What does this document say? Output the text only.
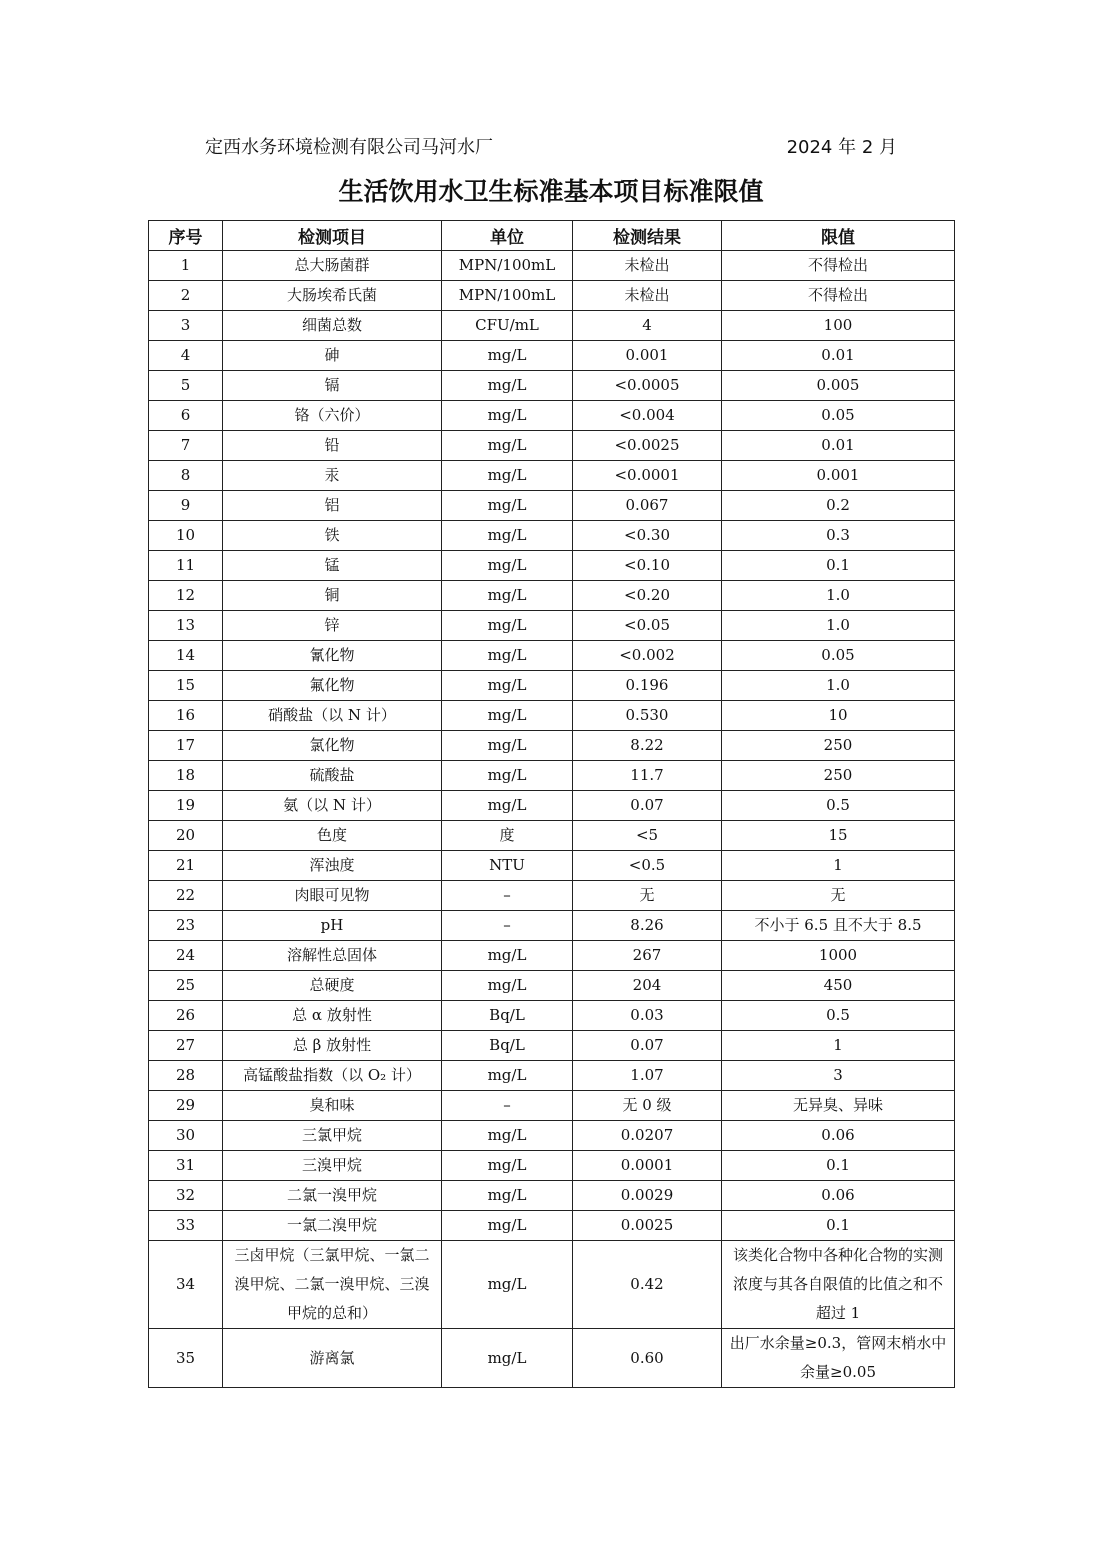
定西水务环境检测有限公司马河水厂	2024 年 2 月
生活饮用水卫生标准基本项目标准限值
序号	检测项目	单位	检测结果	限值
1	总大肠菌群	MPN/100mL	未检出	不得检出
2	大肠埃希氏菌	MPN/100mL	未检出	不得检出
3	细菌总数	CFU/mL	4	100
4	砷	mg/L	0.001	0.01
5	镉	mg/L	<0.0005	0.005
6	铬（六价）	mg/L	<0.004	0.05
7	铅	mg/L	<0.0025	0.01
8	汞	mg/L	<0.0001	0.001
9	铝	mg/L	0.067	0.2
10	铁	mg/L	<0.30	0.3
11	锰	mg/L	<0.10	0.1
12	铜	mg/L	<0.20	1.0
13	锌	mg/L	<0.05	1.0
14	氰化物	mg/L	<0.002	0.05
15	氟化物	mg/L	0.196	1.0
16	硝酸盐（以 N 计）	mg/L	0.530	10
17	氯化物	mg/L	8.22	250
18	硫酸盐	mg/L	11.7	250
19	氨（以 N 计）	mg/L	0.07	0.5
20	色度	度	<5	15
21	浑浊度	NTU	<0.5	1
22	肉眼可见物	–	无	无
23	pH	–	8.26	不小于 6.5 且不大于 8.5
24	溶解性总固体	mg/L	267	1000
25	总硬度	mg/L	204	450
26	总 α 放射性	Bq/L	0.03	0.5
27	总 β 放射性	Bq/L	0.07	1
28	高锰酸盐指数（以 O₂ 计）	mg/L	1.07	3
29	臭和味	–	无 0 级	无异臭、异味
30	三氯甲烷	mg/L	0.0207	0.06
31	三溴甲烷	mg/L	0.0001	0.1
32	二氯一溴甲烷	mg/L	0.0029	0.06
33	一氯二溴甲烷	mg/L	0.0025	0.1
34	三卤甲烷（三氯甲烷、一氯二溴甲烷、二氯一溴甲烷、三溴甲烷的总和）	mg/L	0.42	该类化合物中各种化合物的实测浓度与其各自限值的比值之和不超过 1
35	游离氯	mg/L	0.60	出厂水余量≥0.3，管网末梢水中余量≥0.05
